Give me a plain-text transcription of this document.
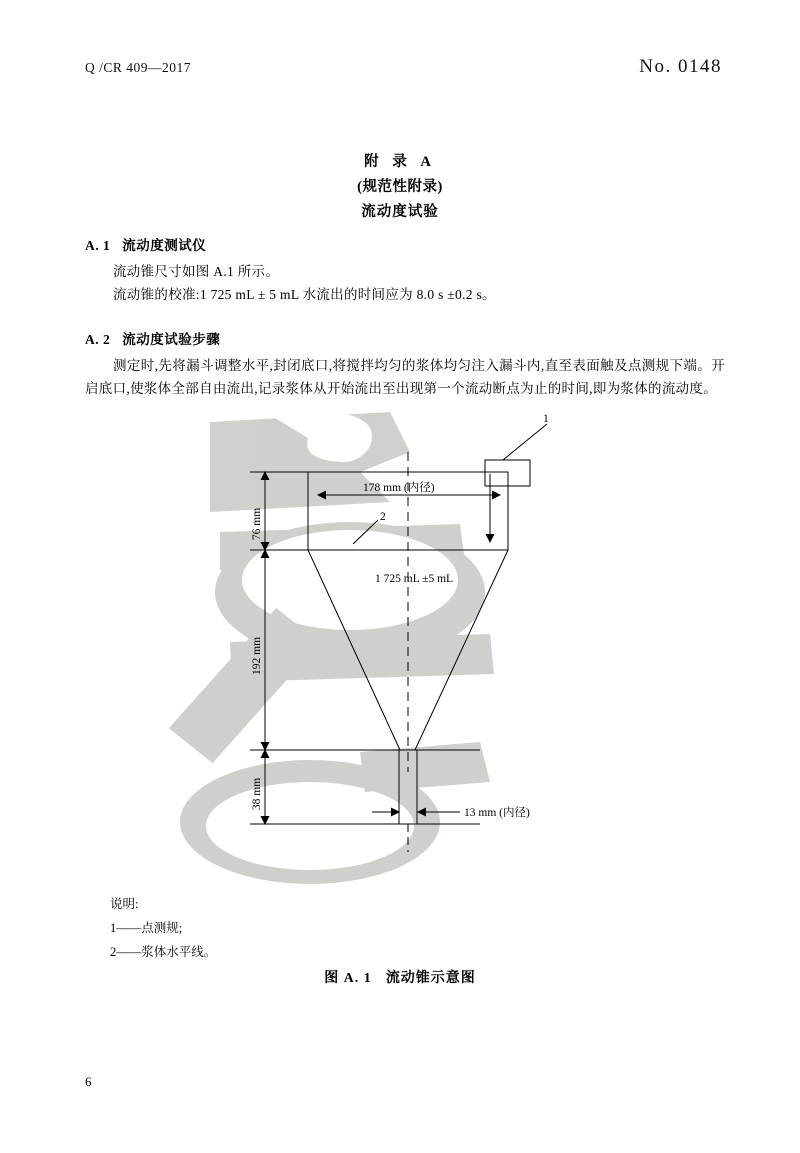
Q /CR 409—2017	No. 0148
附 录 A
(规范性附录)
流动度试验
A. 1 流动度测试仪
流动锥尺寸如图 A.1 所示。
流动锥的校准:1 725 mL ± 5 mL 水流出的时间应为 8.0 s ±0.2 s。
A. 2 流动度试验步骤
测定时,先将漏斗调整水平,封闭底口,将搅拌均匀的浆体均匀注入漏斗内,直至表面触及点测规下端。开启底口,使浆体全部自由流出,记录浆体从开始流出至出现第一个流动断点为止的时间,即为浆体的流动度。
1
2
178 mm (内径)
1 725 mL ±5 mL
13 mm (内径)
76 mm
192 mm
38 mm
说明:
1——点测规;
2——浆体水平线。
图 A. 1 流动锥示意图
6
